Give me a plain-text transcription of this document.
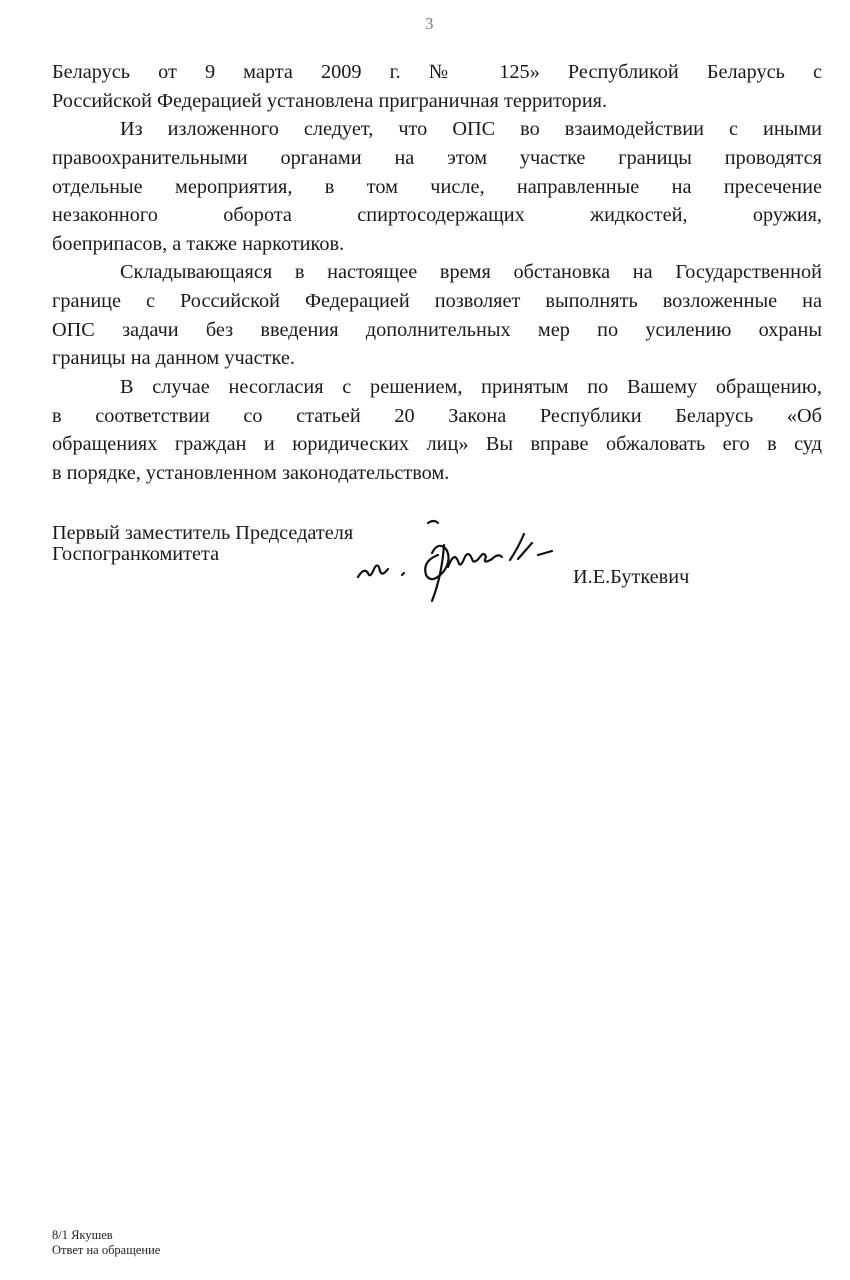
3
Беларусь от 9 марта 2009 г. № 125» Республикой Беларусь с
Российской Федерацией установлена приграничная территория.
Из изложенного следует, что ОПС во взаимодействии с иными
правоохранительными органами на этом участке границы проводятся
отдельные мероприятия, в том числе, направленные на пресечение
незаконного оборота спиртосодержащих жидкостей, оружия,
боеприпасов, а также наркотиков.
Складывающаяся в настоящее время обстановка на Государственной
границе с Российской Федерацией позволяет выполнять возложенные на
ОПС задачи без введения дополнительных мер по усилению охраны
границы на данном участке.
В случае несогласия с решением, принятым по Вашему обращению,
в соответствии со статьей 20 Закона Республики Беларусь «Об
обращениях граждан и юридических лиц» Вы вправе обжаловать его в суд
в порядке, установленном законодательством.
Первый заместитель Председателя
Госпогранкомитета
И.Е.Буткевич
8/1 Якушев
Ответ на обращение
